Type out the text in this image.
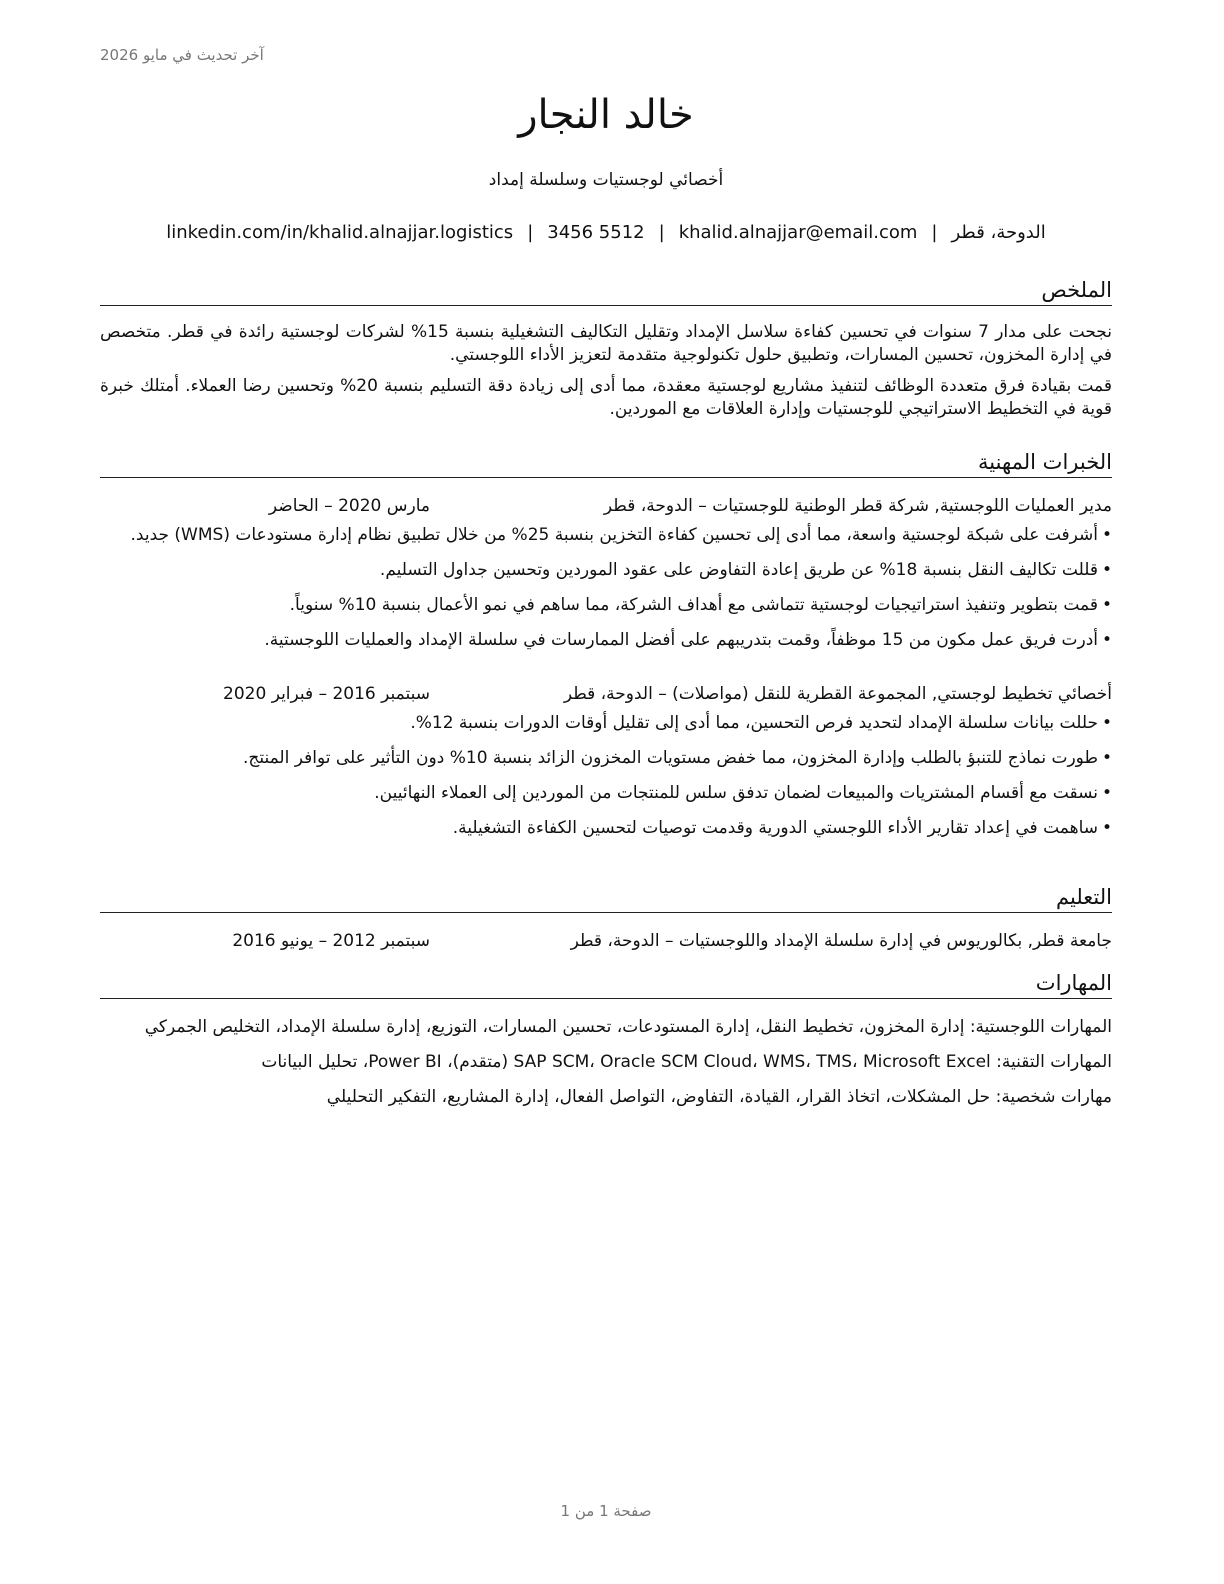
آخر تحديث في مايو 2026
خالد النجار
أخصائي لوجستيات وسلسلة إمداد
الدوحة، قطر|khalid.alnajjar@email.com|3456 5512|linkedin.com/in/khalid.alnajjar.logistics
الملخص

نجحت على مدار 7 سنوات في تحسين كفاءة سلاسل الإمداد وتقليل التكاليف التشغيلية بنسبة 15% لشركات لوجستية رائدة في قطر. متخصص في إدارة المخزون، تحسين المسارات، وتطبيق حلول تكنولوجية متقدمة لتعزيز الأداء اللوجستي.

قمت بقيادة فرق متعددة الوظائف لتنفيذ مشاريع لوجستية معقدة، مما أدى إلى زيادة دقة التسليم بنسبة 20% وتحسين رضا العملاء. أمتلك خبرة قوية في التخطيط الاستراتيجي للوجستيات وإدارة العلاقات مع الموردين.

الخبرات المهنية
مدير العمليات اللوجستية, شركة قطر الوطنية للوجستيات – الدوحة، قطر
مارس 2020 – الحاضر
•
أشرفت على شبكة لوجستية واسعة، مما أدى إلى تحسين كفاءة التخزين بنسبة 25% من خلال تطبيق نظام إدارة مستودعات (WMS) جديد.
•
قللت تكاليف النقل بنسبة 18% عن طريق إعادة التفاوض على عقود الموردين وتحسين جداول التسليم.
•
قمت بتطوير وتنفيذ استراتيجيات لوجستية تتماشى مع أهداف الشركة، مما ساهم في نمو الأعمال بنسبة 10% سنوياً.
•
أدرت فريق عمل مكون من 15 موظفاً، وقمت بتدريبهم على أفضل الممارسات في سلسلة الإمداد والعمليات اللوجستية.
أخصائي تخطيط لوجستي, المجموعة القطرية للنقل (مواصلات) – الدوحة، قطر
سبتمبر 2016 – فبراير 2020
•
حللت بيانات سلسلة الإمداد لتحديد فرص التحسين، مما أدى إلى تقليل أوقات الدورات بنسبة 12%.
•
طورت نماذج للتنبؤ بالطلب وإدارة المخزون، مما خفض مستويات المخزون الزائد بنسبة 10% دون التأثير على توافر المنتج.
•
نسقت مع أقسام المشتريات والمبيعات لضمان تدفق سلس للمنتجات من الموردين إلى العملاء النهائيين.
•
ساهمت في إعداد تقارير الأداء اللوجستي الدورية وقدمت توصيات لتحسين الكفاءة التشغيلية.
التعليم
جامعة قطر, بكالوريوس في إدارة سلسلة الإمداد واللوجستيات – الدوحة، قطر
سبتمبر 2012 – يونيو 2016
المهارات
المهارات اللوجستية: إدارة المخزون، تخطيط النقل، إدارة المستودعات، تحسين المسارات، التوزيع، إدارة سلسلة الإمداد، التخليص الجمركي
المهارات التقنية: SAP SCM، Oracle SCM Cloud، WMS، TMS، Microsoft Excel (متقدم)، Power BI، تحليل البيانات
مهارات شخصية: حل المشكلات، اتخاذ القرار، القيادة، التفاوض، التواصل الفعال، إدارة المشاريع، التفكير التحليلي
صفحة 1 من 1
